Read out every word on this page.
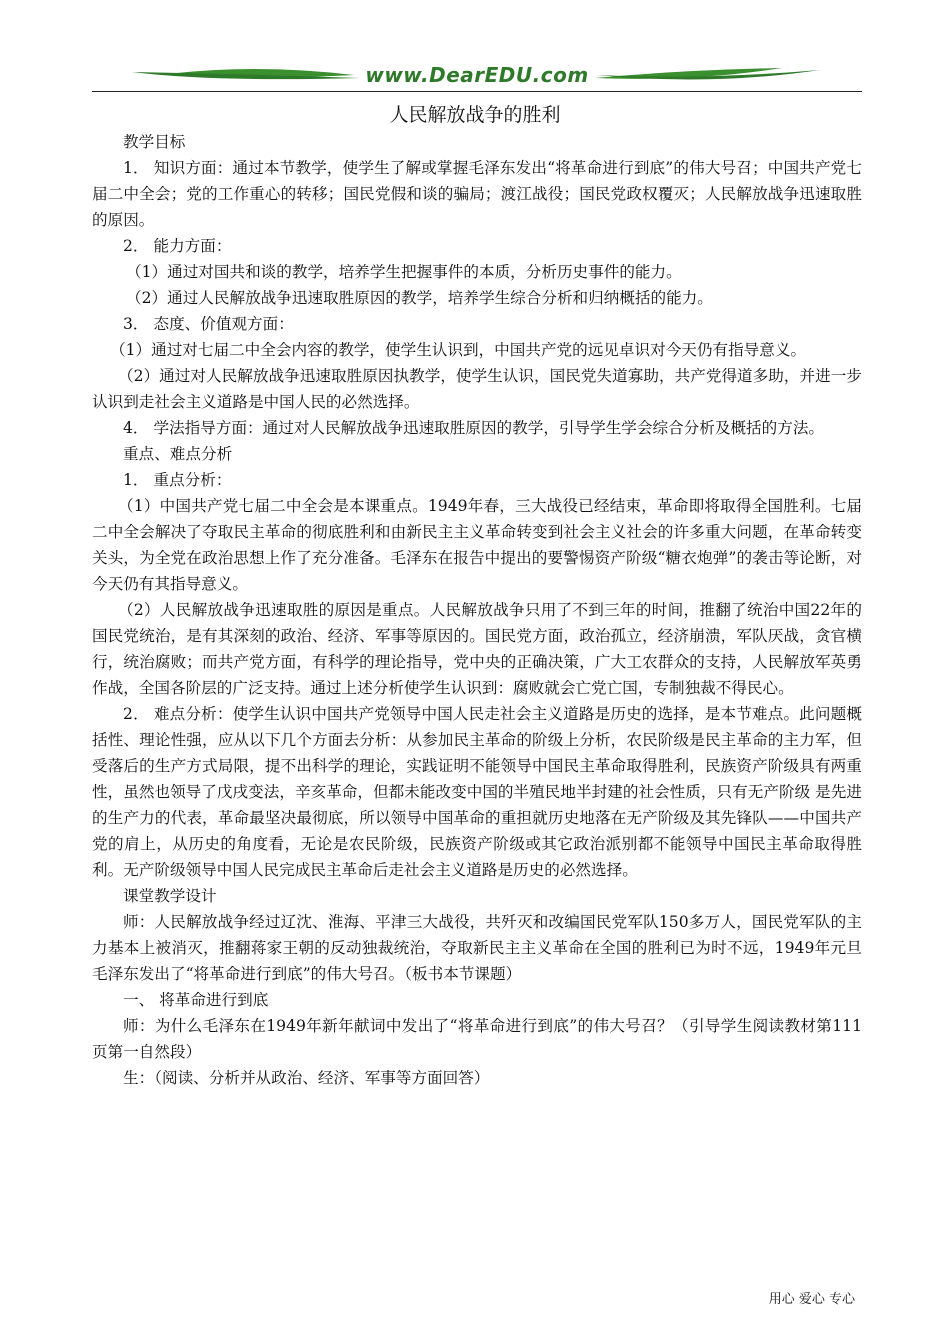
www.DearEDU.com
人民解放战争的胜利

教学目标

1． 知识方面：通过本节教学，使学生了解或掌握毛泽东发出“将革命进行到底”的伟大号召；中国共产党七届二中全会；党的工作重心的转移；国民党假和谈的骗局；渡江战役；国民党政权覆灭；人民解放战争迅速取胜的原因。

2． 能力方面：

（1）通过对国共和谈的教学，培养学生把握事件的本质，分析历史事件的能力。

（2）通过人民解放战争迅速取胜原因的教学，培养学生综合分析和归纳概括的能力。

3． 态度、价值观方面：

（1）通过对七届二中全会内容的教学，使学生认识到，中国共产党的远见卓识对今天仍有指导意义。

（2）通过对人民解放战争迅速取胜原因执教学，使学生认识，国民党失道寡助，共产党得道多助，并进一步认识到走社会主义道路是中国人民的必然选择。

4． 学法指导方面：通过对人民解放战争迅速取胜原因的教学，引导学生学会综合分析及概括的方法。

重点、难点分析

1． 重点分析：

（1）中国共产党七届二中全会是本课重点。1949年春，三大战役已经结束，革命即将取得全国胜利。七届二中全会解决了夺取民主革命的彻底胜利和由新民主主义革命转变到社会主义社会的许多重大问题，在革命转变关头，为全党在政治思想上作了充分准备。毛泽东在报告中提出的要警惕资产阶级“糖衣炮弹”的袭击等论断，对今天仍有其指导意义。

（2）人民解放战争迅速取胜的原因是重点。人民解放战争只用了不到三年的时间，推翻了统治中国22年的国民党统治，是有其深刻的政治、经济、军事等原因的。国民党方面，政治孤立，经济崩溃，军队厌战，贪官横行，统治腐败；而共产党方面，有科学的理论指导，党中央的正确决策，广大工农群众的支持，人民解放军英勇作战，全国各阶层的广泛支持。通过上述分析使学生认识到：腐败就会亡党亡国，专制独裁不得民心。

2． 难点分析：使学生认识中国共产党领导中国人民走社会主义道路是历史的选择，是本节难点。此问题概括性、理论性强，应从以下几个方面去分析：从参加民主革命的阶级上分析，农民阶级是民主革命的主力军，但受落后的生产方式局限，提不出科学的理论，实践证明不能领导中国民主革命取得胜利，民族资产阶级具有两重性，虽然也领导了戊戌变法，辛亥革命，但都未能改变中国的半殖民地半封建的社会性质，只有无产阶级 是先进的生产力的代表，革命最坚决最彻底，所以领导中国革命的重担就历史地落在无产阶级及其先锋队——中国共产党的肩上，从历史的角度看，无论是农民阶级，民族资产阶级或其它政治派别都不能领导中国民主革命取得胜利。无产阶级领导中国人民完成民主革命后走社会主义道路是历史的必然选择。

课堂教学设计

师：人民解放战争经过辽沈、淮海、平津三大战役，共歼灭和改编国民党军队150多万人，国民党军队的主力基本上被消灭，推翻蒋家王朝的反动独裁统治，夺取新民主主义革命在全国的胜利已为时不远，1949年元旦毛泽东发出了“将革命进行到底”的伟大号召。（板书本节课题）

一、 将革命进行到底

师：为什么毛泽东在1949年新年献词中发出了“将革命进行到底”的伟大号召？（引导学生阅读教材第111页第一自然段）

生：（阅读、分析并从政治、经济、军事等方面回答）

用心 爱心 专心
